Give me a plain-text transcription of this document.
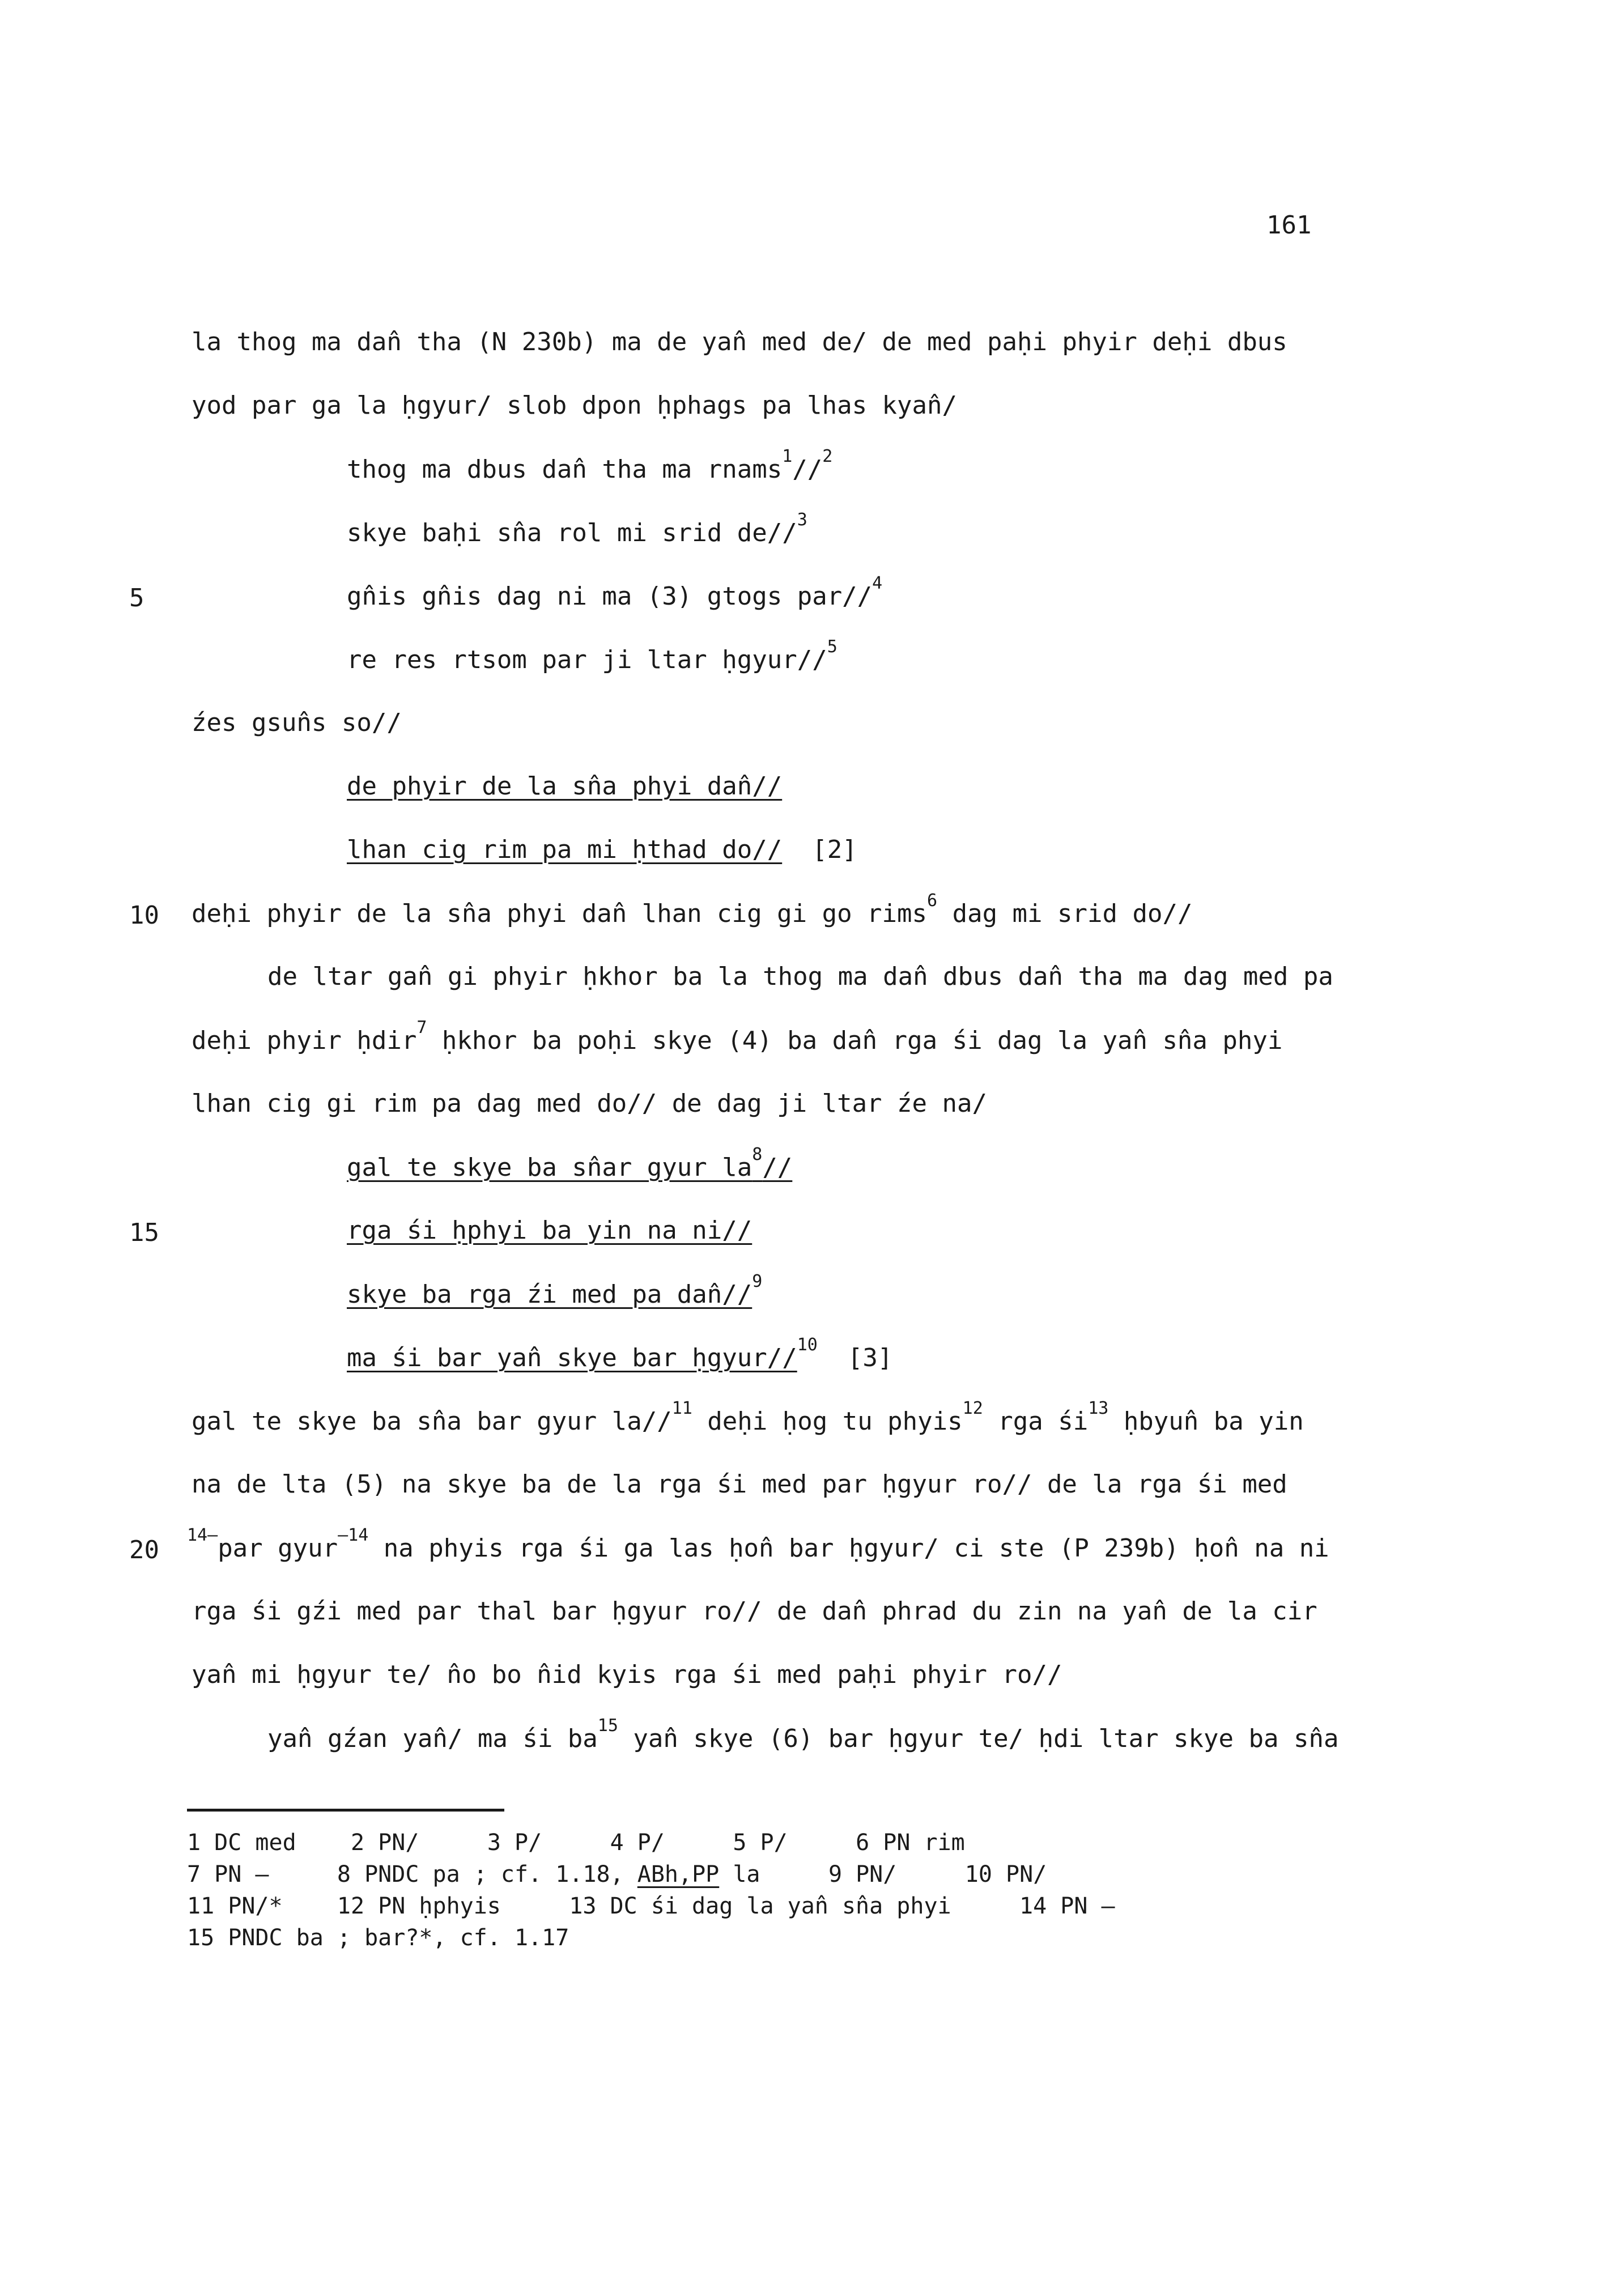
161
la thog ma dan̂ tha (N 230b) ma de yan̂ med de/ de med paḥi phyir deḥi dbus
yod par ga la ḥgyur/ slob dpon ḥphags pa lhas kyan̂/
thog ma dbus dan̂ tha ma rnams$^1$//$^2$
skye baḥi sn̂a rol mi srid de//$^3$
5	gn̂is gn̂is dag ni ma (3) gtogs par//$^4$
re res rtsom par ji ltar ḥgyur//$^5$
źes gsun̂s so//
de phyir de la sn̂a phyi dan̂//
lhan cig rim pa mi ḥthad do// [2]
10 deḥi phyir de la sn̂a phyi dan̂ lhan cig gi go rims$^6$ dag mi srid do//
de ltar gan̂ gi phyir ḥkhor ba la thog ma dan̂ dbus dan̂ tha ma dag med pa
deḥi phyir ḥdir$^7$ ḥkhor ba poḥi skye (4) ba dan̂ rga śi dag la yan̂ sn̂a phyi
lhan cig gi rim pa dag med do// de dag ji ltar źe na/
gal te skye ba sn̂ar gyur $la^8//$
15	rga śi ḥphyi ba yin na ni//
skye ba rga źi med pa dan̂//$^9$
ma śi bar yan̂ skye bar ḥgyur//$^{10}$ [3]
gal te skye ba sn̂a bar gyur la//$^{11}$ deḥi ḥog tu phyis$^{12}$ rga $śi^{13}$ ḥbyun̂ ba yin
na de lta (5) na skye ba de la rga śi med par ḥgyur ro// de la rga śi med
20
$^{14-}$par gyur$^{-14}$ na phyis rga śi ga las ḥon̂ bar ḥgyur/ ci ste (P 239b) ḥon̂ na ni
rga śi gźi med par thal bar ḥgyur ro// de dan̂ phrad du zin na yan̂ de la cir
yan̂ mi ḥgyur te/ n̂o bo n̂id kyis rga śi med paḥi phyir ro//
yan̂ gźan yan̂/ ma śi $ba^{15}$ yan̂ skye (6) bar ḥgyur te/ ḥdi ltar skye ba sn̂a
1 DC med 2 PN/	3 P/	4 P/	5 P/	6 PN rim
7 PN —	8 PNDC pa ; cf. 1.18, ABh,PP la	9 PN/	10 PN/
11 PN/* 12 PN ḥphyis	13 DC śi dag la yan̂ sn̂a phyi	14 PN —
15 PNDC ba ; bar?*, cf. 1.17
